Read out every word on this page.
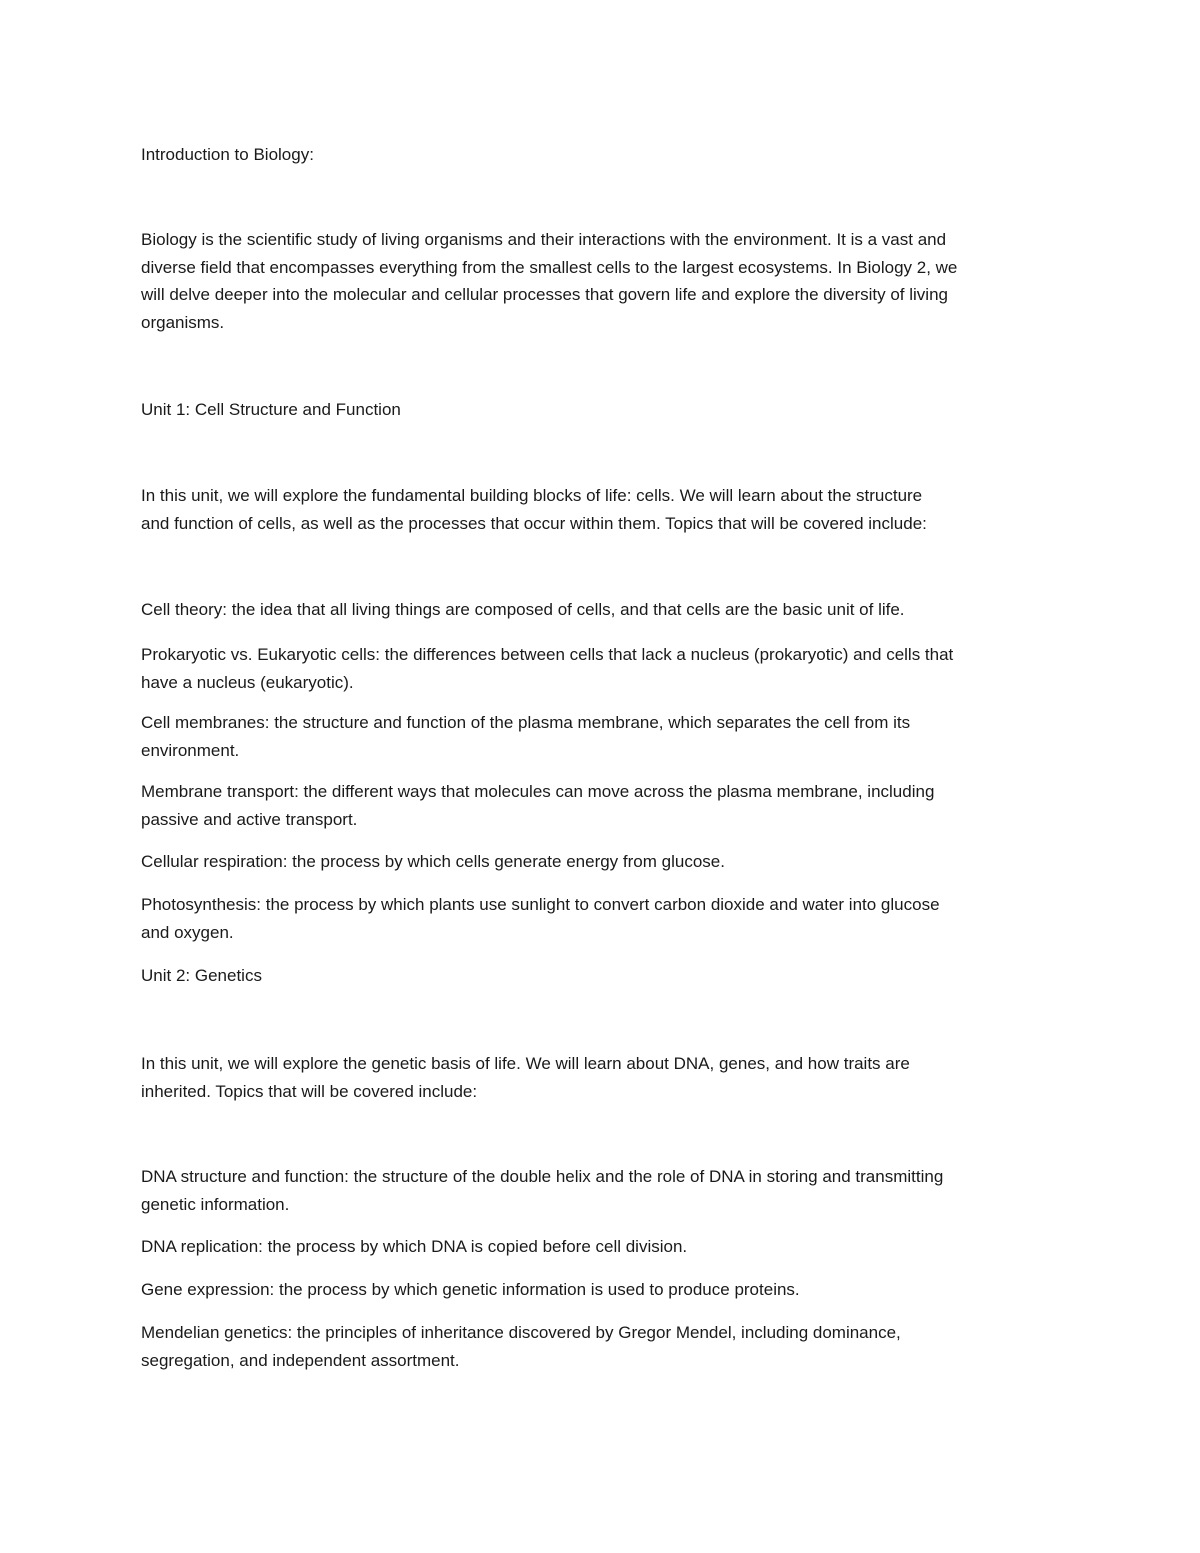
Introduction to Biology:

Biology is the scientific study of living organisms and their interactions with the environment. It is a vast and
diverse field that encompasses everything from the smallest cells to the largest ecosystems. In Biology 2, we
will delve deeper into the molecular and cellular processes that govern life and explore the diversity of living
organisms.

Unit 1: Cell Structure and Function

In this unit, we will explore the fundamental building blocks of life: cells. We will learn about the structure
and function of cells, as well as the processes that occur within them. Topics that will be covered include:

Cell theory: the idea that all living things are composed of cells, and that cells are the basic unit of life.

Prokaryotic vs. Eukaryotic cells: the differences between cells that lack a nucleus (prokaryotic) and cells that
have a nucleus (eukaryotic).

Cell membranes: the structure and function of the plasma membrane, which separates the cell from its
environment.

Membrane transport: the different ways that molecules can move across the plasma membrane, including
passive and active transport.

Cellular respiration: the process by which cells generate energy from glucose.

Photosynthesis: the process by which plants use sunlight to convert carbon dioxide and water into glucose
and oxygen.

Unit 2: Genetics

In this unit, we will explore the genetic basis of life. We will learn about DNA, genes, and how traits are
inherited. Topics that will be covered include:

DNA structure and function: the structure of the double helix and the role of DNA in storing and transmitting
genetic information.

DNA replication: the process by which DNA is copied before cell division.

Gene expression: the process by which genetic information is used to produce proteins.

Mendelian genetics: the principles of inheritance discovered by Gregor Mendel, including dominance,
segregation, and independent assortment.
